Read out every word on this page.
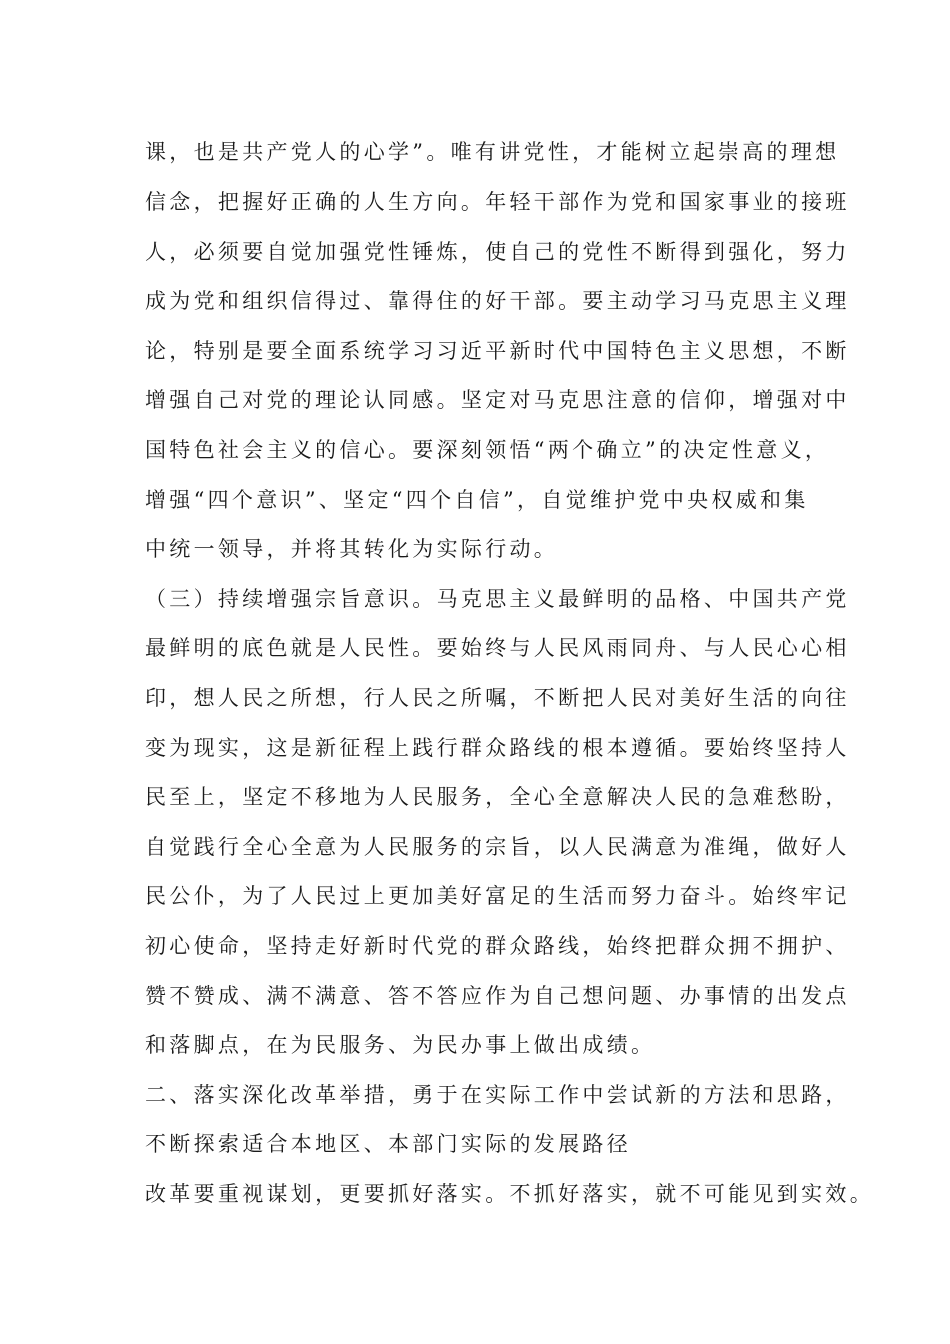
课，也是共产党人的心学”。唯有讲党性，才能树立起崇高的理想

信念，把握好正确的人生方向。年轻干部作为党和国家事业的接班

人，必须要自觉加强党性锤炼，使自己的党性不断得到强化，努力

成为党和组织信得过、靠得住的好干部。要主动学习马克思主义理

论，特别是要全面系统学习习近平新时代中国特色主义思想，不断

增强自己对党的理论认同感。坚定对马克思注意的信仰，增强对中

国特色社会主义的信心。要深刻领悟“两个确立”的决定性意义，

增强“四个意识”、坚定“四个自信”，自觉维护党中央权威和集

中统一领导，并将其转化为实际行动。

（三）持续增强宗旨意识。马克思主义最鲜明的品格、中国共产党

最鲜明的底色就是人民性。要始终与人民风雨同舟、与人民心心相

印，想人民之所想，行人民之所嘱，不断把人民对美好生活的向往

变为现实，这是新征程上践行群众路线的根本遵循。要始终坚持人

民至上，坚定不移地为人民服务，全心全意解决人民的急难愁盼，

自觉践行全心全意为人民服务的宗旨，以人民满意为准绳，做好人

民公仆，为了人民过上更加美好富足的生活而努力奋斗。始终牢记

初心使命，坚持走好新时代党的群众路线，始终把群众拥不拥护、

赞不赞成、满不满意、答不答应作为自己想问题、办事情的出发点

和落脚点，在为民服务、为民办事上做出成绩。

二、落实深化改革举措，勇于在实际工作中尝试新的方法和思路，

不断探索适合本地区、本部门实际的发展路径

改革要重视谋划，更要抓好落实。不抓好落实，就不可能见到实效。
